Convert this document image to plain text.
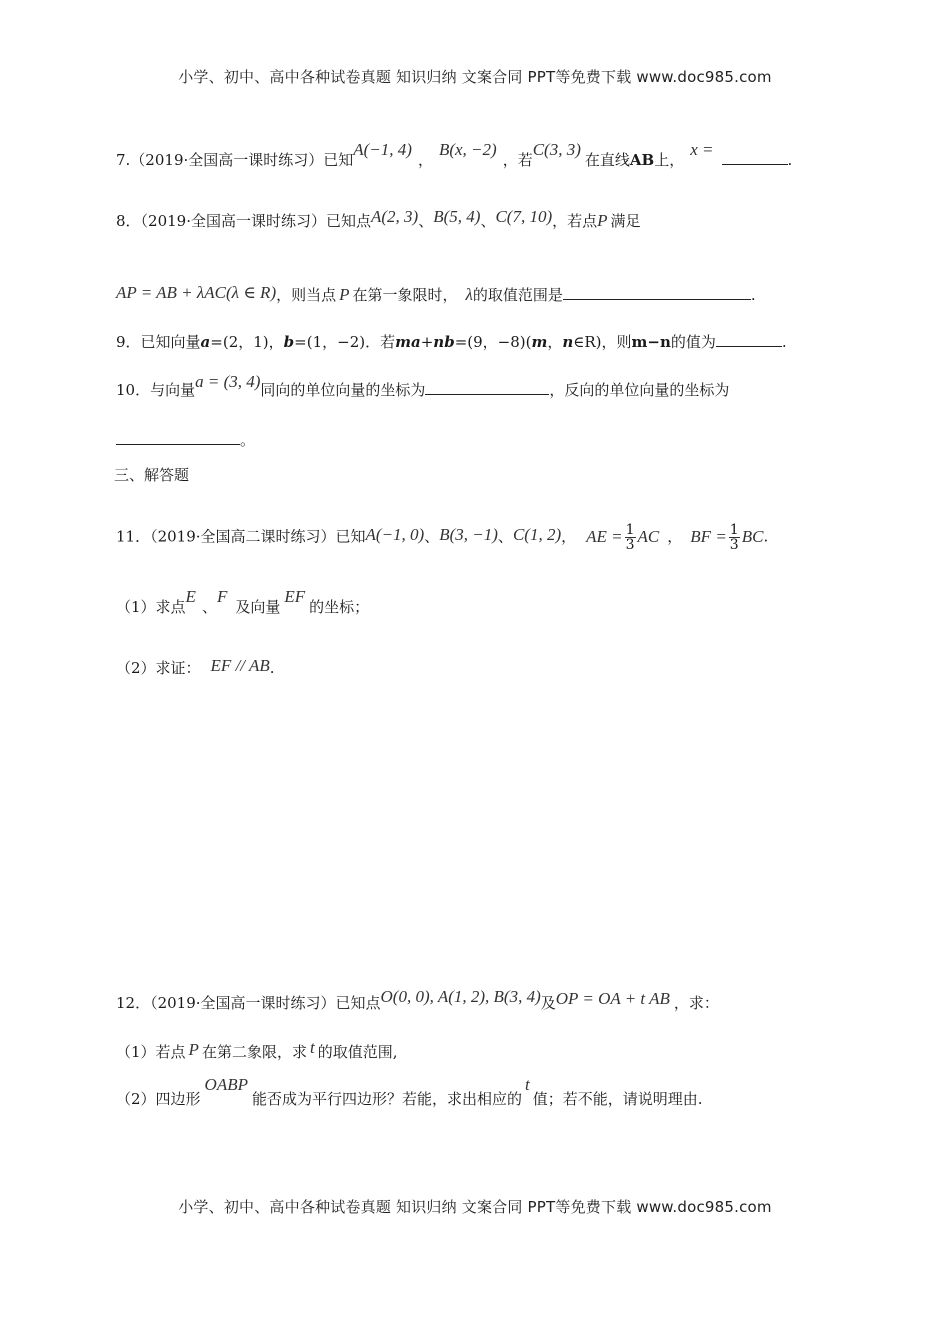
小学、初中、高中各种试卷真题 知识归纳 文案合同 PPT等免费下载 www.doc985.com
7.（2019·全国高一课时练习）已知A(−1, 4)，B(x, −2)，若C(3, 3)在直线AB上，x =.
8．（2019·全国高一课时练习）已知点A(2, 3)、B(5, 4)、C(7, 10)，若点P 满足
AP = AB + λAC(λ ∈ R)，则当点 P 在第一象限时， λ的取值范围是	.
9．已知向量a=(2，1)，b=(1，−2)．若ma+nb=(9，−8)(m，n∈R)，则m−n的值为	.
10．与向量a = (3, 4)同向的单位向量的坐标为	，反向的单位向量的坐标为
。
三、解答题
11．（2019·全国高二课时练习）已知A(−1, 0)、B(3, −1)、C(1, 2)， AE = $\frac{1}{3}$ AC ， BF = $\frac{1}{3}$ BC.
（1）求点E、F及向量EF的坐标；
（2）求证： EF // AB.
12．（2019·全国高一课时练习）已知点O(0, 0), A(1, 2), B(3, 4)及OP = OA + t AB ，求：
（1）若点 P 在第二象限，求 t 的取值范围,
（2）四边形OABP能否成为平行四边形？若能，求出相应的t值；若不能，请说明理由.
小学、初中、高中各种试卷真题 知识归纳 文案合同 PPT等免费下载 www.doc985.com
